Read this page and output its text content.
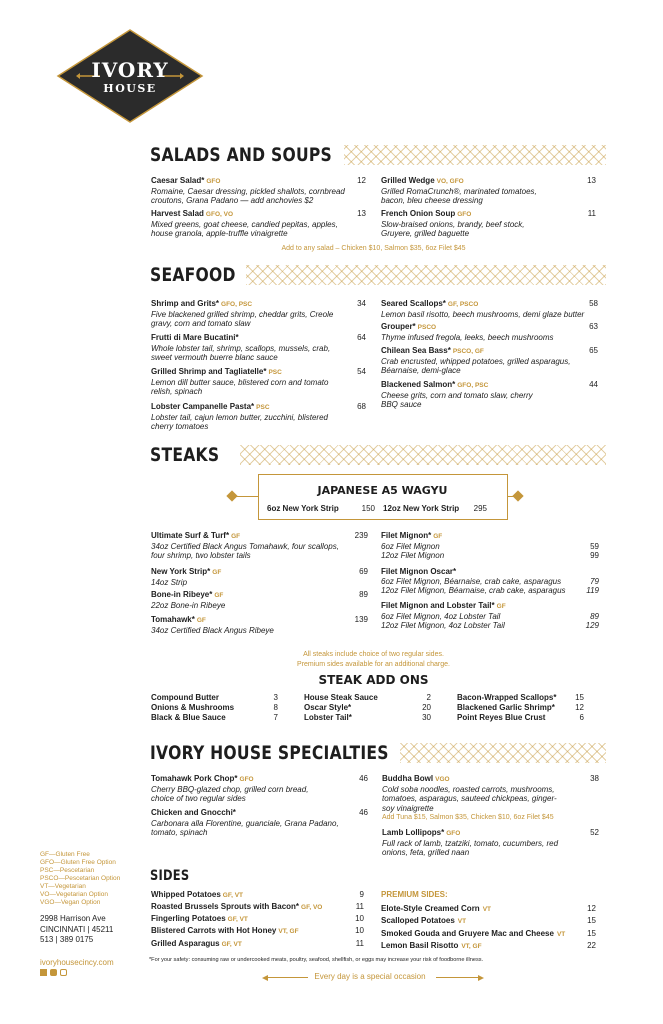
IVORY
HOUSE
SALADS AND SOUPS
Caesar Salad* GFO	12
Romaine, Caesar dressing, pickled shallots, cornbread croutons, Grana Padano — add anchovies $2
Harvest Salad GFO, VO	13
Mixed greens, goat cheese, candied pepitas, apples, house granola, apple-truffle vinaigrette
Grilled Wedge VO, GFO	13
Grilled RomaCrunch®, marinated tomatoes, bacon, bleu cheese dressing
French Onion Soup GFO	11
Slow-braised onions, brandy, beef stock, Gruyere, grilled baguette
Add to any salad – Chicken $10, Salmon $35, 6oz Filet $45
SEAFOOD
Shrimp and Grits* GFO, PSC	34
Five blackened grilled shrimp, cheddar grits, Creole gravy, corn and tomato slaw
Frutti di Mare Bucatini*	64
Whole lobster tail, shrimp, scallops, mussels, crab, sweet vermouth buerre blanc sauce
Grilled Shrimp and Tagliatelle* PSC	54
Lemon dill butter sauce, blistered corn and tomato relish, spinach
Lobster Campanelle Pasta* PSC	68
Lobster tail, cajun lemon butter, zucchini, blistered cherry tomatoes
Seared Scallops* GF, PSCO	58
Lemon basil risotto, beech mushrooms, demi glaze butter
Grouper* PSCO	63
Thyme infused fregola, leeks, beech mushrooms
Chilean Sea Bass* PSCO, GF	65
Crab encrusted, whipped potatoes, grilled asparagus, Béarnaise, demi-glace
Blackened Salmon* GFO, PSC	44
Cheese grits, corn and tomato slaw, cherry BBQ sauce
STEAKS
JAPANESE A5 WAGYU
6oz New York Strip	150 12oz New York Strip 295
Ultimate Surf & Turf* GF	239
34oz Certified Black Angus Tomahawk, four scallops, four shrimp, two lobster tails
New York Strip* GF	69
14oz Strip
Bone-in Ribeye* GF	89
22oz Bone-in Ribeye
Tomahawk* GF	139
34oz Certified Black Angus Ribeye
Filet Mignon* GF
6oz Filet Mignon	59
12oz Filet Mignon	99
Filet Mignon Oscar*
6oz Filet Mignon, Béarnaise, crab cake, asparagus	79
12oz Filet Mignon, Béarnaise, crab cake, asparagus	119
Filet Mignon and Lobster Tail* GF
6oz Filet Mignon, 4oz Lobster Tail	89
12oz Filet Mignon, 4oz Lobster Tail	129
All steaks include choice of two regular sides.
Premium sides available for an additional charge.
STEAK ADD ONS
Compound Butter	3
Onions & Mushrooms	8
Black & Blue Sauce	7
House Steak Sauce	2
Oscar Style*	20
Lobster Tail*	30
Bacon-Wrapped Scallops* 15
Blackened Garlic Shrimp*	12
Point Reyes Blue Crust	6
IVORY HOUSE SPECIALTIES
Tomahawk Pork Chop* GFO	46
Cherry BBQ-glazed chop, grilled corn bread, choice of two regular sides
Chicken and Gnocchi*	46
Carbonara alla Florentine, guanciale, Grana Padano, tomato, spinach
Buddha Bowl VGO	38
Cold soba noodles, roasted carrots, mushrooms, tomatoes, asparagus, sauteed chickpeas, ginger-soy vinaigrette
Add Tuna $15, Salmon $35, Chicken $10, 6oz Filet $45
Lamb Lollipops* GFO	52
Full rack of lamb, tzatziki, tomato, cucumbers, red onions, feta, grilled naan
GF—Gluten Free
GFO—Gluten Free Option
PSC—Pescetarian
PSCO—Pescetarian Option
VT—Vegetarian
VO—Vegetarian Option
VGO—Vegan Option
2998 Harrison Ave
CINCINNATI | 45211
513 | 389 0175
ivoryhousecincy.com
SIDES
Whipped Potatoes GF, VT	9
Roasted Brussels Sprouts with Bacon* GF, VO	11
Fingerling Potatoes GF, VT	10
Blistered Carrots with Hot Honey VT, GF	10
Grilled Asparagus GF, VT	11
PREMIUM SIDES:
Elote-Style Creamed Corn VT	12
Scalloped Potatoes VT	15
Smoked Gouda and Gruyere Mac and Cheese VT	15
Lemon Basil Risotto VT, GF	22
*For your safety: consuming raw or undercooked meats, poultry, seafood, shellfish, or eggs may increase your risk of foodborne illness.
Every day is a special occasion
